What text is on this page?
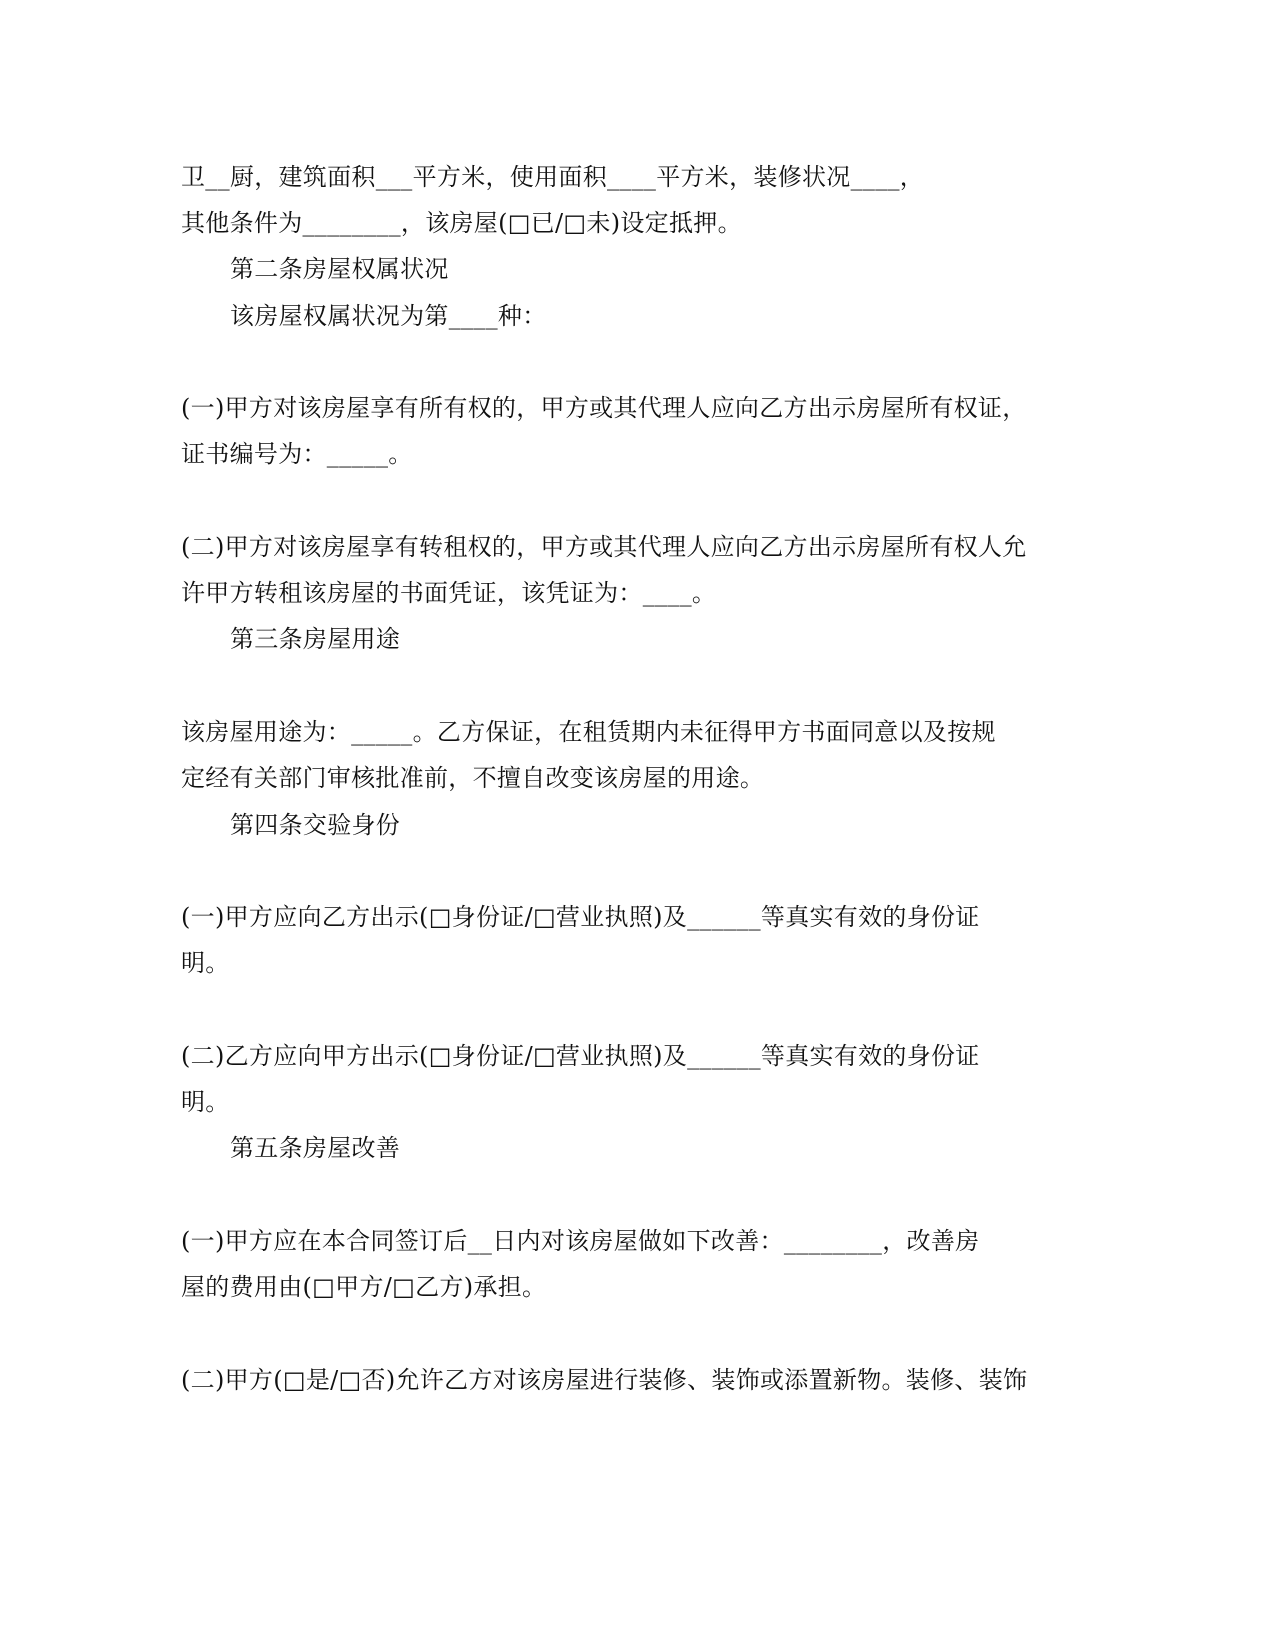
卫__厨，建筑面积___平方米，使用面积____平方米，装修状况____，
其他条件为________，该房屋(□已/□未)设定抵押。
第二条房屋权属状况
该房屋权属状况为第____种：
(一)甲方对该房屋享有所有权的，甲方或其代理人应向乙方出示房屋所有权证，
证书编号为：_____。
(二)甲方对该房屋享有转租权的，甲方或其代理人应向乙方出示房屋所有权人允
许甲方转租该房屋的书面凭证，该凭证为：____。
第三条房屋用途
该房屋用途为：_____。乙方保证，在租赁期内未征得甲方书面同意以及按规
定经有关部门审核批准前，不擅自改变该房屋的用途。
第四条交验身份
(一)甲方应向乙方出示(□身份证/□营业执照)及______等真实有效的身份证
明。
(二)乙方应向甲方出示(□身份证/□营业执照)及______等真实有效的身份证
明。
第五条房屋改善
(一)甲方应在本合同签订后__日内对该房屋做如下改善：________，改善房
屋的费用由(□甲方/□乙方)承担。
(二)甲方(□是/□否)允许乙方对该房屋进行装修、装饰或添置新物。装修、装饰
